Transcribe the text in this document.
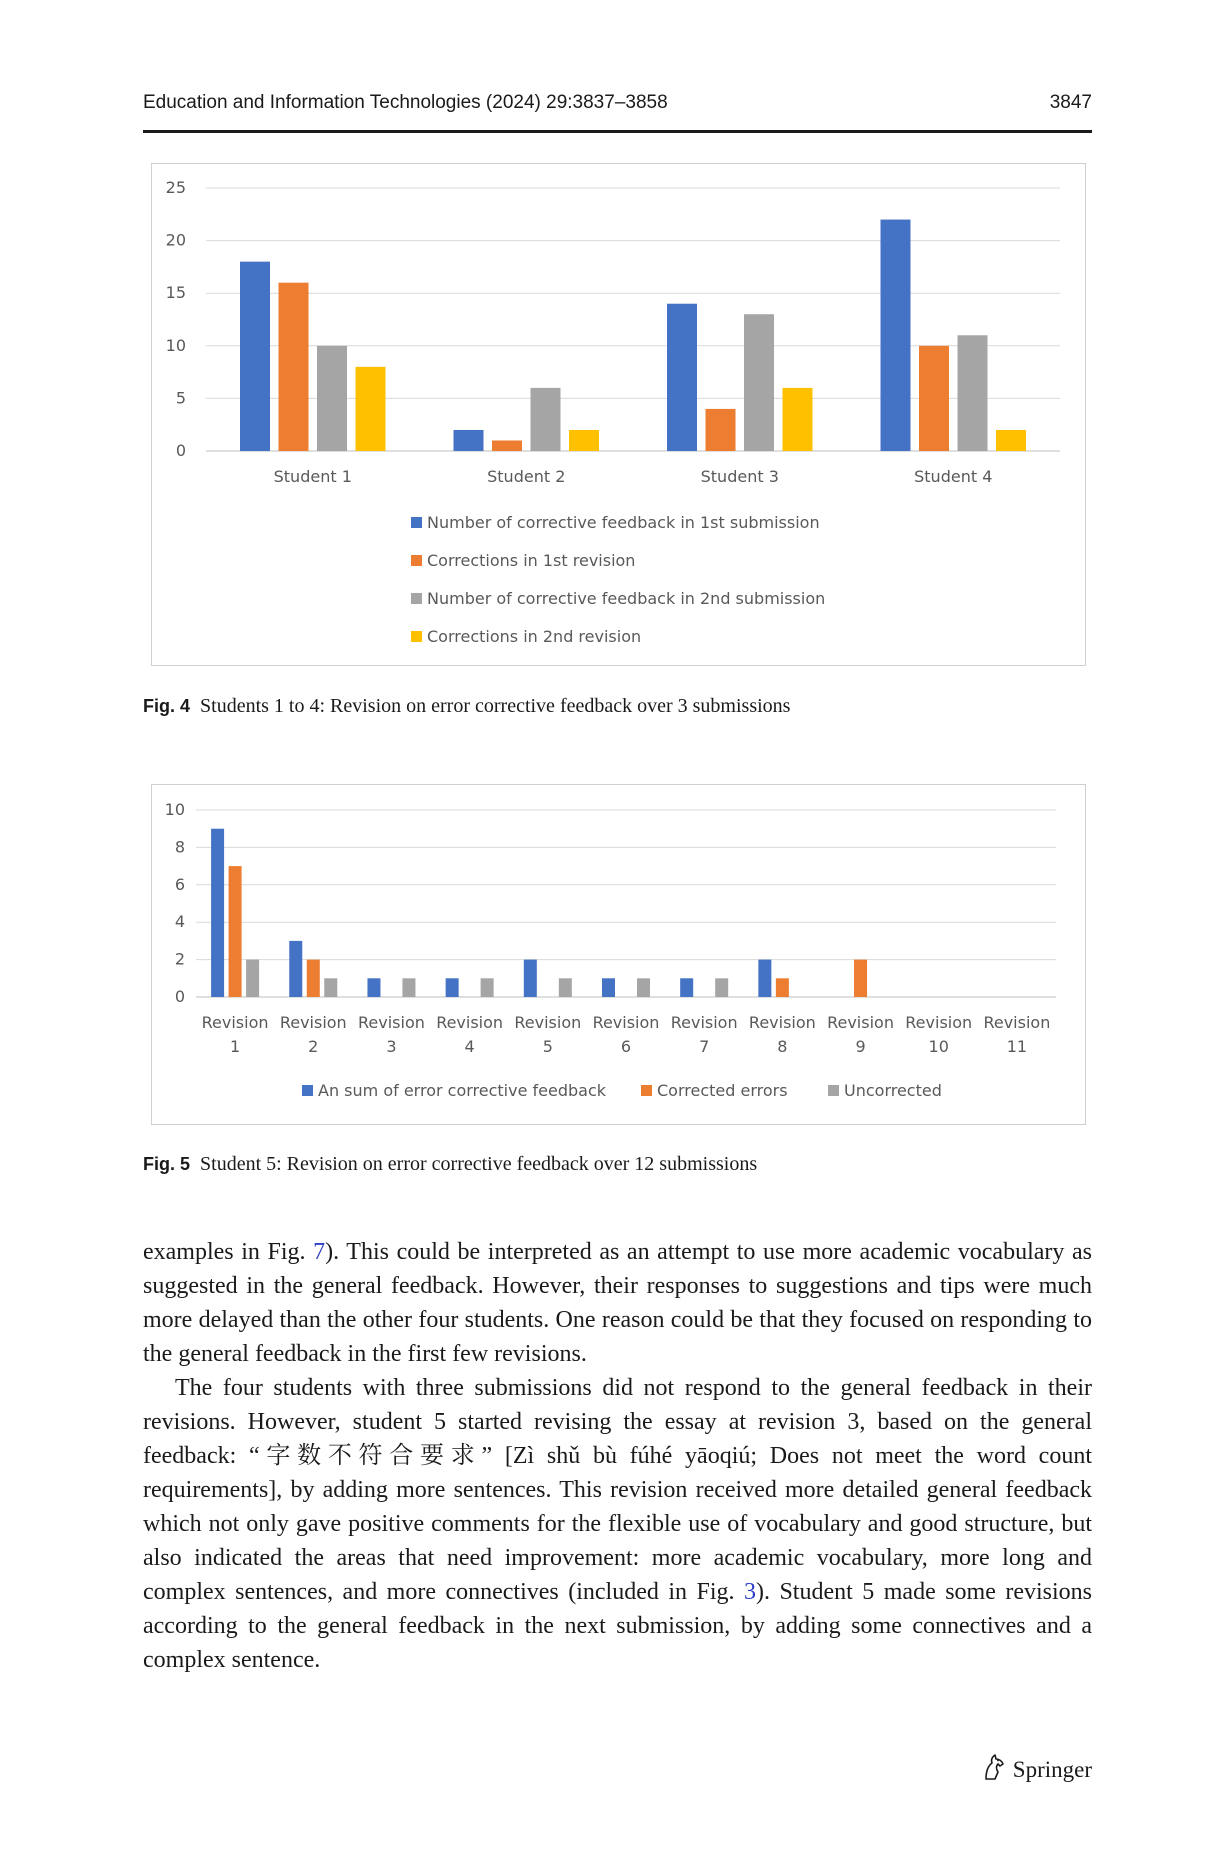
Education and Information Technologies (2024) 29:3837–3858	3847
0
5
10
15
20
25
Student 1	Student 2	Student 3	Student 4
Number of corrective feedback in 1st submission
Corrections in 1st revision
Number of corrective feedback in 2nd submission
Corrections in 2nd revision
Fig. 4 Students 1 to 4: Revision on error corrective feedback over 3 submissions
0
2
4
6
8
10
Revision
1
Revision
2
Revision
3
Revision
4
Revision
5
Revision
6
Revision
7
Revision
8
Revision
9
Revision
10
Revision
11
An sum of error corrective feedback	Corrected errors	Uncorrected
Fig. 5 Student 5: Revision on error corrective feedback over 12 submissions

examples in Fig. 7). This could be interpreted as an attempt to use more academic vocabulary as suggested in the general feedback. However, their responses to suggestions and tips were much more delayed than the other four students. One reason could be that they focused on responding to the general feedback in the first few revisions.

The four students with three submissions did not respond to the general feedback in their revisions. However, student 5 started revising the essay at revision 3, based on the general feedback: “字数不符合要求” [Zì shǔ bù fúhé yāoqiú; Does not meet the word count requirements], by adding more sentences. This revision received more detailed general feedback which not only gave positive comments for the flexible use of vocabulary and good structure, but also indicated the areas that need improvement: more academic vocabulary, more long and complex sentences, and more connectives (included in Fig. 3). Student 5 made some revisions according to the general feedback in the next submission, by adding some connectives and a complex sentence.

Springer
